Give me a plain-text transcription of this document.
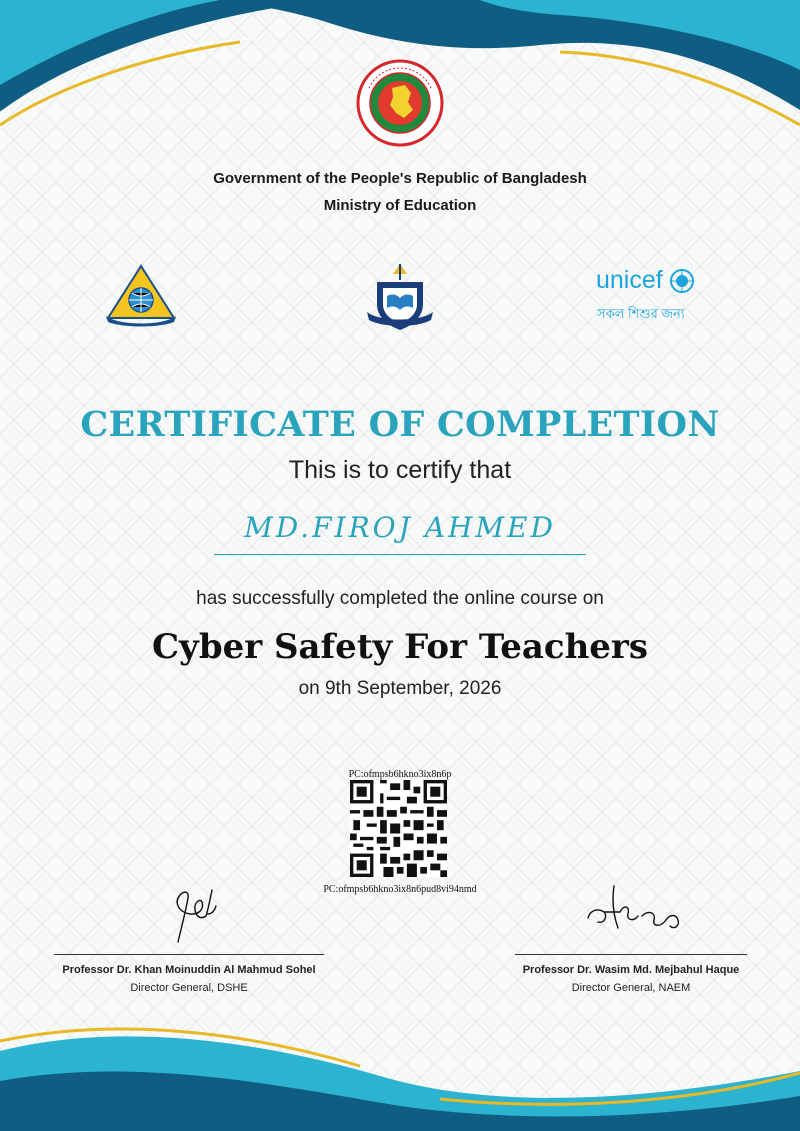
Government of the People's Republic of Bangladesh
Ministry of Education
unicef
সকল শিশুর জন্য
CERTIFICATE OF COMPLETION
This is to certify that
MD.FIROJ AHMED
has successfully completed the online course on
Cyber Safety For Teachers
on 9th September, 2026
PC:ofmpsb6hkno3ix8n6p
PC:ofmpsb6hkno3ix8n6pud8vi94nmd
Professor Dr. Khan Moinuddin Al Mahmud Sohel
Director General, DSHE
Professor Dr. Wasim Md. Mejbahul Haque
Director General, NAEM
